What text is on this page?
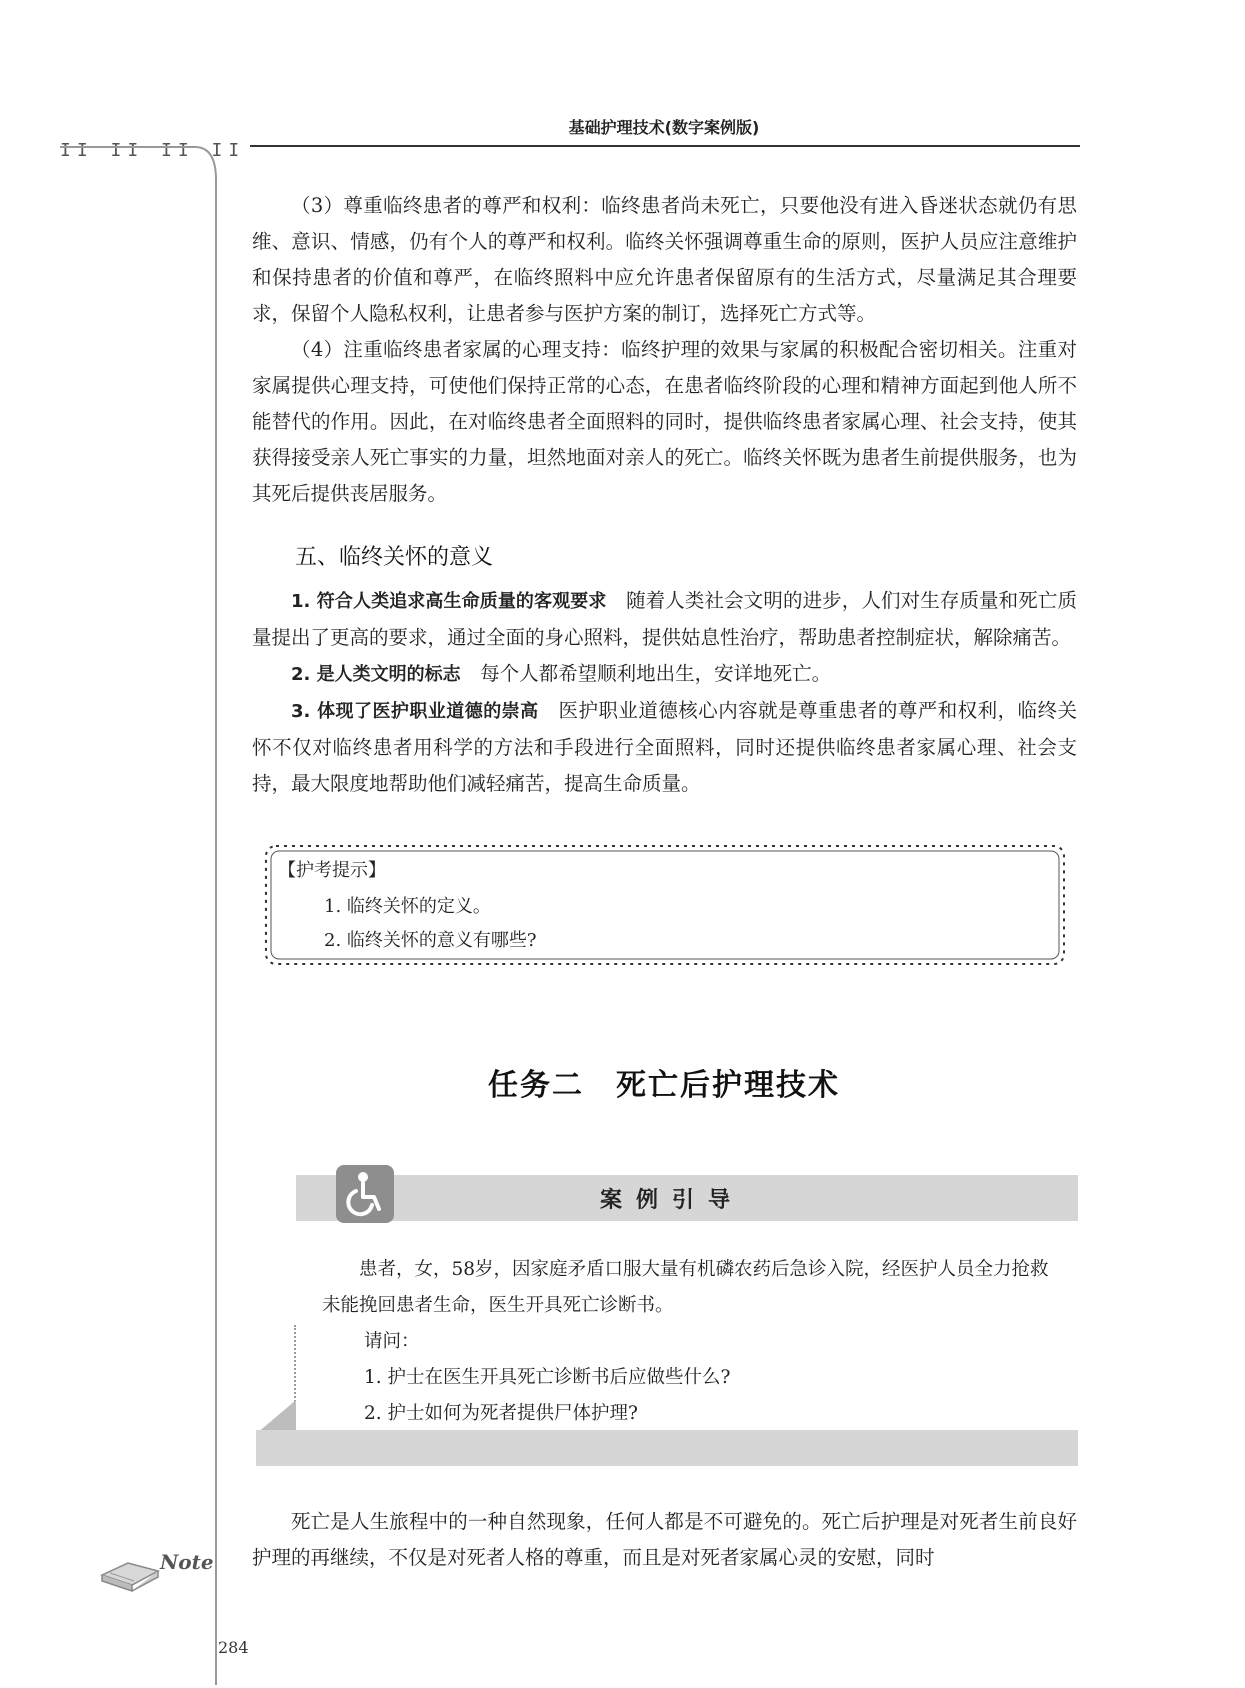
基础护理技术(数字案例版)
II II II II

（3）尊重临终患者的尊严和权利：临终患者尚未死亡，只要他没有进入昏迷状态就仍有思维、意识、情感，仍有个人的尊严和权利。临终关怀强调尊重生命的原则，医护人员应注意维护和保持患者的价值和尊严，在临终照料中应允许患者保留原有的生活方式，尽量满足其合理要求，保留个人隐私权利，让患者参与医护方案的制订，选择死亡方式等。

（4）注重临终患者家属的心理支持：临终护理的效果与家属的积极配合密切相关。注重对家属提供心理支持，可使他们保持正常的心态，在患者临终阶段的心理和精神方面起到他人所不能替代的作用。因此，在对临终患者全面照料的同时，提供临终患者家属心理、社会支持，使其获得接受亲人死亡事实的力量，坦然地面对亲人的死亡。临终关怀既为患者生前提供服务，也为其死后提供丧居服务。

五、临终关怀的意义

1. 符合人类追求高生命质量的客观要求  随着人类社会文明的进步，人们对生存质量和死亡质量提出了更高的要求，通过全面的身心照料，提供姑息性治疗，帮助患者控制症状，解除痛苦。

2. 是人类文明的标志  每个人都希望顺利地出生，安详地死亡。

3. 体现了医护职业道德的崇高  医护职业道德核心内容就是尊重患者的尊严和权利，临终关怀不仅对临终患者用科学的方法和手段进行全面照料，同时还提供临终患者家属心理、社会支持，最大限度地帮助他们减轻痛苦，提高生命质量。

【护考提示】
1. 临终关怀的定义。
2. 临终关怀的意义有哪些?
任务二　死亡后护理技术
案例引导
患者，女，58岁，因家庭矛盾口服大量有机磷农药后急诊入院，经医护人员全力抢救未能挽回患者生命，医生开具死亡诊断书。
请问：
1. 护士在医生开具死亡诊断书后应做些什么?
2. 护士如何为死者提供尸体护理?

死亡是人生旅程中的一种自然现象，任何人都是不可避免的。死亡后护理是对死者生前良好护理的再继续，不仅是对死者人格的尊重，而且是对死者家属心灵的安慰，同时

Note
284
